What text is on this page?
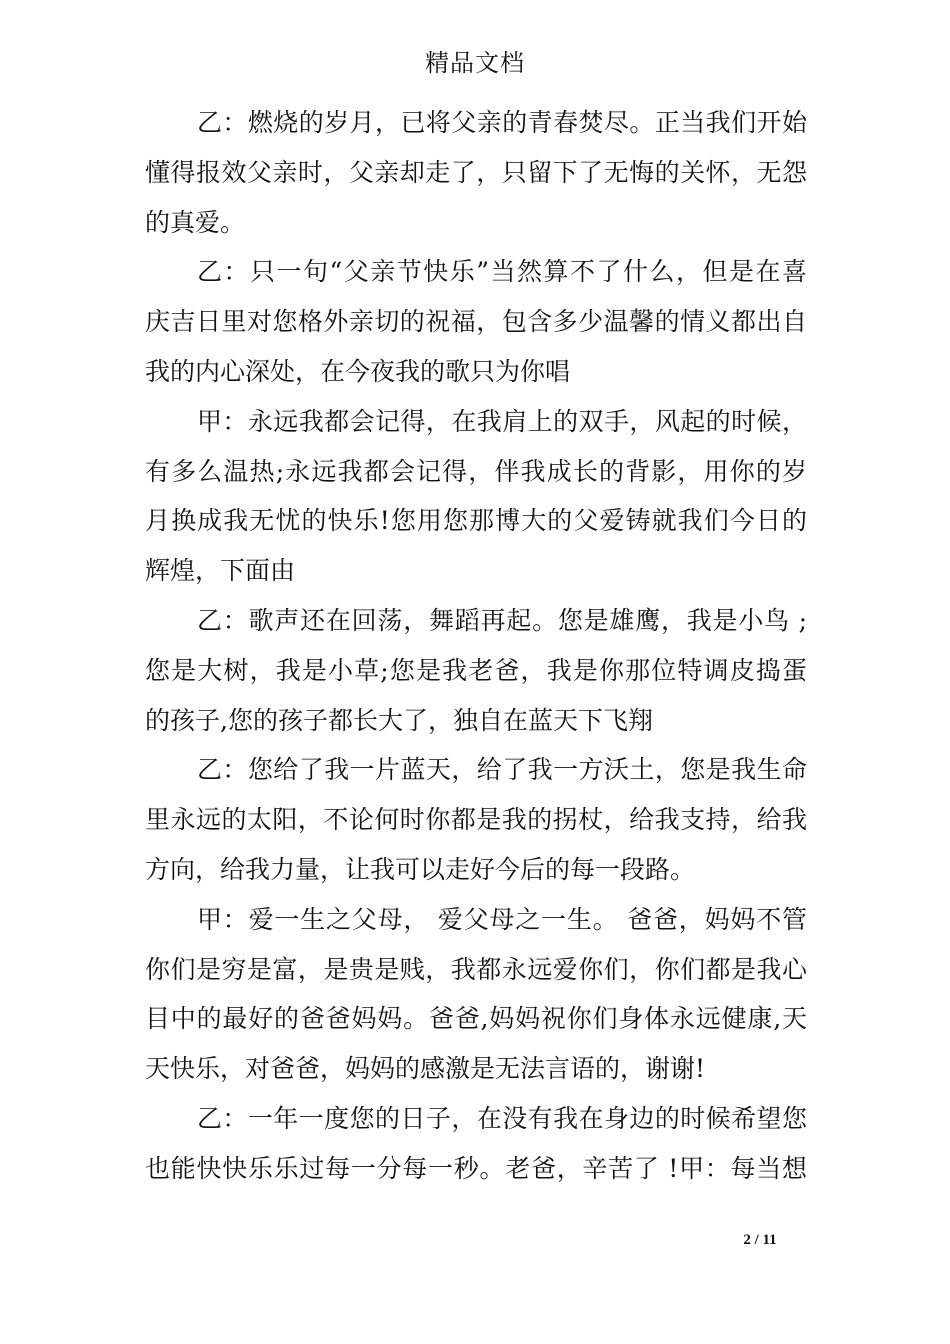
精品文档
乙：燃烧的岁月，已将父亲的青春焚尽。正当我们开始
懂得报效父亲时，父亲却走了，只留下了无悔的关怀，无怨
的真爱。
乙：只一句“父亲节快乐”当然算不了什么，但是在喜
庆吉日里对您格外亲切的祝福，包含多少温馨的情义都出自
我的内心深处，在今夜我的歌只为你唱
甲：永远我都会记得，在我肩上的双手，风起的时候，
有多么温热;永远我都会记得，伴我成长的背影，用你的岁
月换成我无忧的快乐!您用您那博大的父爱铸就我们今日的
辉煌，下面由
乙：歌声还在回荡，舞蹈再起。您是雄鹰，我是小鸟 ;
您是大树，我是小草;您是我老爸，我是你那位特调皮捣蛋
的孩子,您的孩子都长大了，独自在蓝天下飞翔
乙：您给了我一片蓝天，给了我一方沃土，您是我生命
里永远的太阳，不论何时你都是我的拐杖，给我支持，给我
方向，给我力量，让我可以走好今后的每一段路。
甲：爱一生之父母， 爱父母之一生。 爸爸，妈妈不管
你们是穷是富，是贵是贱，我都永远爱你们，你们都是我心
目中的最好的爸爸妈妈。爸爸,妈妈祝你们身体永远健康,天
天快乐，对爸爸，妈妈的感激是无法言语的，谢谢!
乙：一年一度您的日子，在没有我在身边的时候希望您
也能快快乐乐过每一分每一秒。老爸，辛苦了 !甲：每当想
2 / 11
